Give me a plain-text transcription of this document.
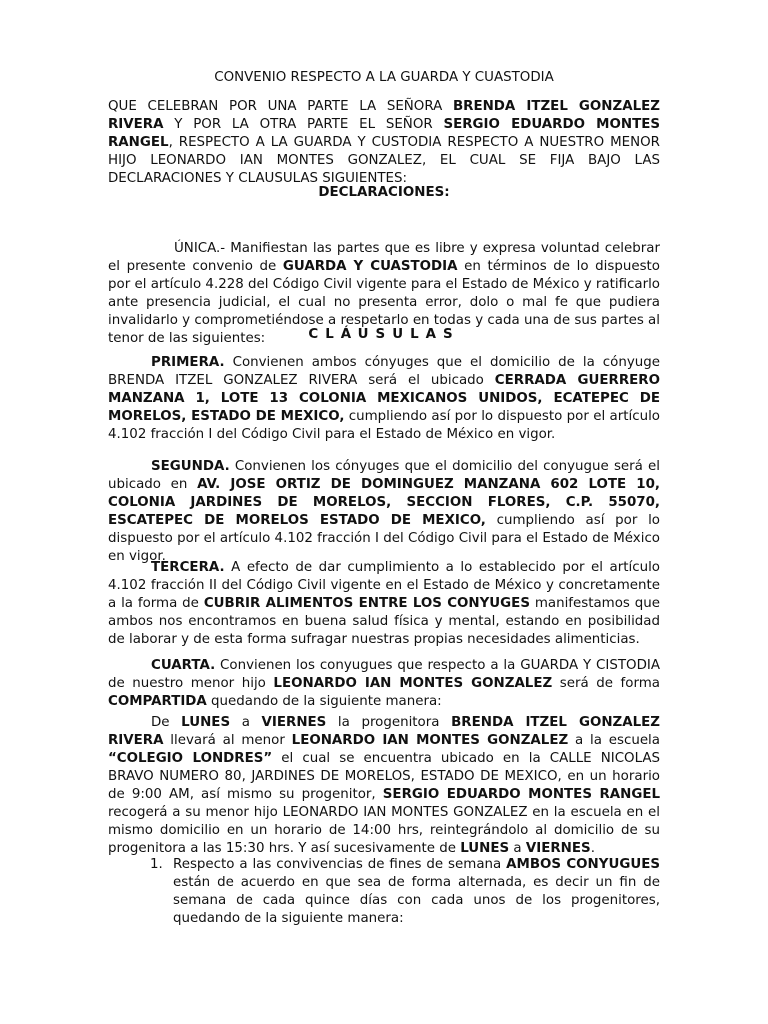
CONVENIO RESPECTO A LA GUARDA Y CUASTODIA

QUE CELEBRAN POR UNA PARTE LA SEÑORA BRENDA ITZEL GONZALEZ RIVERA Y POR LA OTRA PARTE EL SEÑOR SERGIO EDUARDO MONTES RANGEL, RESPECTO A LA GUARDA Y CUSTODIA RESPECTO A NUESTRO MENOR HIJO LEONARDO IAN MONTES GONZALEZ, EL CUAL SE FIJA BAJO LAS DECLARACIONES Y CLAUSULAS SIGUIENTES:

DECLARACIONES:

ÚNICA.- Manifiestan las partes que es libre y expresa voluntad celebrar el presente convenio de GUARDA Y CUASTODIA en términos de lo dispuesto por el artículo 4.228 del Código Civil vigente para el Estado de México y ratificarlo ante presencia judicial, el cual no presenta error, dolo o mal fe que pudiera invalidarlo y comprometiéndose a respetarlo en todas y cada una de sus partes al tenor de las siguientes:	CLÁUSULAS

PRIMERA. Convienen ambos cónyuges que el domicilio de la cónyuge BRENDA ITZEL GONZALEZ RIVERA será el ubicado CERRADA GUERRERO MANZANA 1, LOTE 13 COLONIA MEXICANOS UNIDOS, ECATEPEC DE MORELOS, ESTADO DE MEXICO, cumpliendo así por lo dispuesto por el artículo 4.102 fracción I del Código Civil para el Estado de México en vigor.

SEGUNDA. Convienen los cónyuges que el domicilio del conyugue será el ubicado en AV. JOSE ORTIZ DE DOMINGUEZ MANZANA 602 LOTE 10, COLONIA JARDINES DE MORELOS, SECCION FLORES, C.P. 55070, ESCATEPEC DE MORELOS ESTADO DE MEXICO, cumpliendo así por lo dispuesto por el artículo 4.102 fracción I del Código Civil para el Estado de México en vigor.

TERCERA. A efecto de dar cumplimiento a lo establecido por el artículo 4.102 fracción II del Código Civil vigente en el Estado de México y concretamente a la forma de CUBRIR ALIMENTOS ENTRE LOS CONYUGES manifestamos que ambos nos encontramos en buena salud física y mental, estando en posibilidad de laborar y de esta forma sufragar nuestras propias necesidades alimenticias.

CUARTA. Convienen los conyugues que respecto a la GUARDA Y CISTODIA de nuestro menor hijo LEONARDO IAN MONTES GONZALEZ será de forma COMPARTIDA quedando de la siguiente manera:

De LUNES a VIERNES la progenitora BRENDA ITZEL GONZALEZ RIVERA llevará al menor LEONARDO IAN MONTES GONZALEZ a la escuela “COLEGIO LONDRES” el cual se encuentra ubicado en la CALLE NICOLAS BRAVO NUMERO 80, JARDINES DE MORELOS, ESTADO DE MEXICO, en un horario de 9:00 AM, así mismo su progenitor, SERGIO EDUARDO MONTES RANGEL recogerá a su menor hijo LEONARDO IAN MONTES GONZALEZ en la escuela en el mismo domicilio en un horario de 14:00 hrs, reintegrándolo al domicilio de su progenitora a las 15:30 hrs. Y así sucesivamente de LUNES a VIERNES.

1. Respecto a las convivencias de fines de semana AMBOS CONYUGUES están de acuerdo en que sea de forma alternada, es decir un fin de semana de cada quince días con cada unos de los progenitores, quedando de la siguiente manera:
